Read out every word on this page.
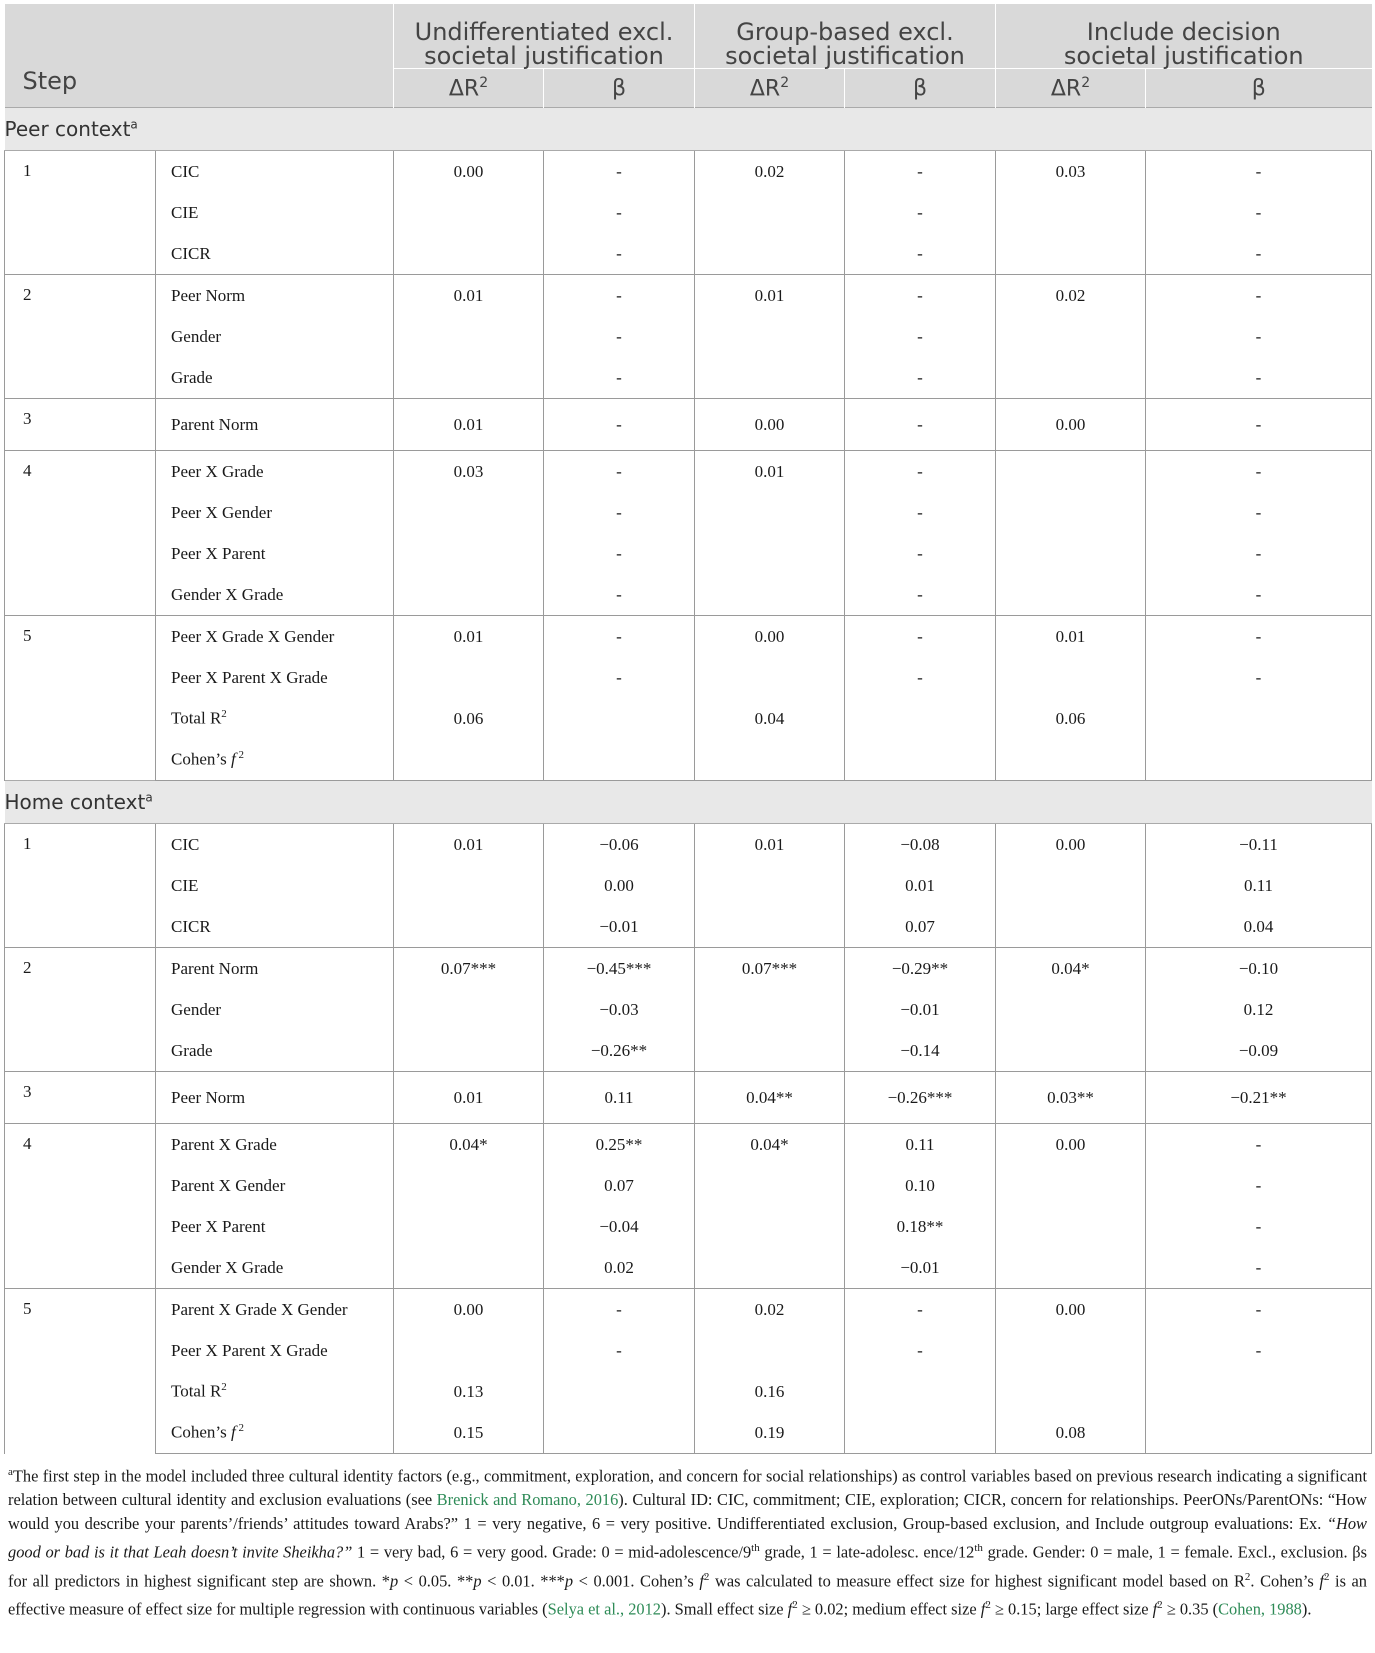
Step		Undifferentiated excl.
societal justification		Group-based excl.
societal justification		Include decision
societal justification	
		$\Delta R^2$	β	$\Delta R^2$	β	$\Delta R^2$	β
Peer context$^a$
1	CIC	0.00	-	0.02	-	0.03	-
	CIE		-		-		-
	CICR		-		-		-
2	Peer Norm	0.01	-	0.01	-	0.02	-
	Gender		-		-		-
	Grade		-		-		-
3	Parent Norm	0.01	-	0.00	-	0.00	-
4	Peer X Grade	0.03	-	0.01	-		-
	Peer X Gender		-		-		-
	Peer X Parent		-		-		-
	Gender X Grade		-		-		-
5	Peer X Grade X Gender	0.01	-	0.00	-	0.01	-
	Peer X Parent X Grade		-		-		-
	Total $R^2$	0.06		0.04		0.06	
	Cohen’s f $^2$						
Home context$^a$
1	CIC	0.01	−0.06	0.01	−0.08	0.00	−0.11
	CIE		0.00		0.01		0.11
	CICR		−0.01		0.07		0.04
2	Parent Norm	0.07***	−0.45***	0.07***	−0.29**	0.04*	−0.10
	Gender		−0.03		−0.01		0.12
	Grade		−0.26**		−0.14		−0.09
3	Peer Norm	0.01	0.11	0.04**	−0.26***	0.03**	−0.21**
4	Parent X Grade	0.04*	0.25**	0.04*	0.11	0.00	-
	Parent X Gender		0.07		0.10		-
	Peer X Parent		−0.04		0.18**		-
	Gender X Grade		0.02		−0.01		-
5	Parent X Grade X Gender	0.00	-	0.02	-	0.00	-
	Peer X Parent X Grade		-		-		-
	Total $R^2$	0.13		0.16			
	Cohen’s f $^2$	0.15		0.19		0.08	
$^a$The first step in the model included three cultural identity factors (e.g., commitment, exploration, and concern for social relationships) as control variables based on previous research indicating a significant relation between cultural identity and exclusion evaluations (see Brenick and Romano, 2016). Cultural ID: CIC, commitment; CIE, exploration; CICR, concern for relationships. PeerONs/ParentONs: “How would you describe your parents’/friends’ attitudes toward Arabs?” 1 = very negative, 6 = very positive. Undifferentiated exclusion, Group-based exclusion, and Include outgroup evaluations: Ex. “How good or bad is it that Leah doesn’t invite Sheikha?” 1 = very bad, 6 = very good. Grade: 0 = mid-adolescence/9th grade, 1 = late-adolesc. ence/12th grade. Gender: 0 = male, 1 = female. Excl., exclusion. βs for all predictors in highest significant step are shown. *p < 0.05. **p < 0.01. ***p < 0.001. Cohen’s $f^2$ was calculated to measure effect size for highest significant model based on $R^2$. Cohen’s $f^2$ is an effective measure of effect size for multiple regression with continuous variables (Selya et al., 2012). Small effect size $f^2 \ge 0.02$; medium effect size $f^2 \ge 0.15$; large effect size $f^2 \ge 0.35$ (Cohen, 1988).
